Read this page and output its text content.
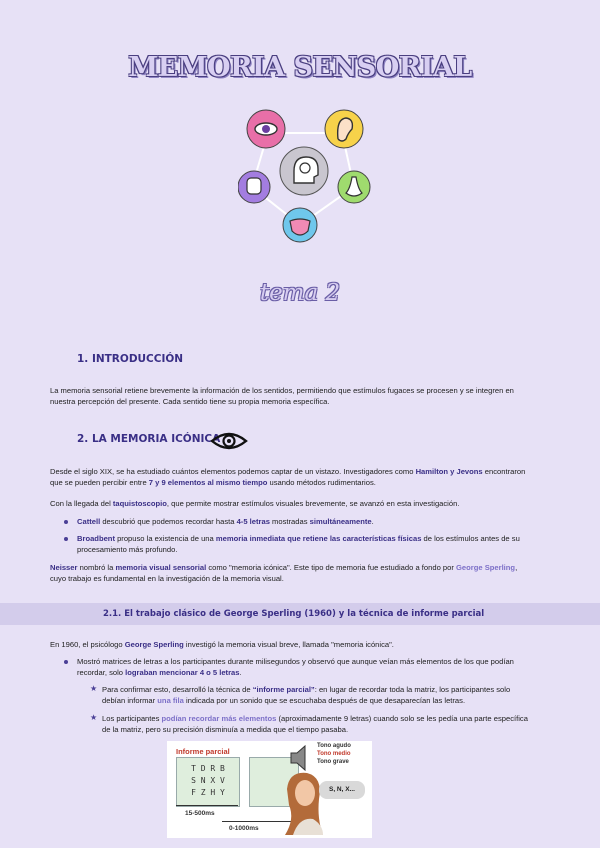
MEMORIA SENSORIAL
tema 2
1. INTRODUCCIÓN

La memoria sensorial retiene brevemente la información de los sentidos, permitiendo que estímulos fugaces se procesen y se integren en

nuestra percepción del presente. Cada sentido tiene su propia memoria específica.

2. LA MEMORIA ICÓNICA

Desde el siglo XIX, se ha estudiado cuántos elementos podemos captar de un vistazo. Investigadores como Hamilton y Jevons encontraron

que se pueden percibir entre 7 y 9 elementos al mismo tiempo usando métodos rudimentarios.

Con la llegada del taquistoscopio, que permite mostrar estímulos visuales brevemente, se avanzó en esta investigación.

Cattell descubrió que podemos recordar hasta 4-5 letras mostradas simultáneamente.

Broadbent propuso la existencia de una memoria inmediata que retiene las características físicas de los estímulos antes de su

procesamiento más profundo.

Neisser nombró la memoria visual sensorial como "memoria icónica". Este tipo de memoria fue estudiado a fondo por George Sperling,

cuyo trabajo es fundamental en la investigación de la memoria visual.

2.1. El trabajo clásico de George Sperling (1960) y la técnica de informe parcial

En 1960, el psicólogo George Sperling investigó la memoria visual breve, llamada "memoria icónica".

Mostró matrices de letras a los participantes durante milisegundos y observó que aunque veían más elementos de los que podían

recordar, solo lograban mencionar 4 o 5 letras.

★ Para confirmar esto, desarrolló la técnica de “informe parcial”: en lugar de recordar toda la matriz, los participantes solo

debían informar una fila indicada por un sonido que se escuchaba después de que desaparecían las letras.

★ Los participantes podían recordar más elementos (aproximadamente 9 letras) cuando solo se les pedía una parte específica

de la matriz, pero su precisión disminuía a medida que el tiempo pasaba.

Informe parcial
T D R B
S N X V
F Z H Y
15-500ms
0-1000ms
Tono agudo
Tono medio
Tono grave
S, N, X...
